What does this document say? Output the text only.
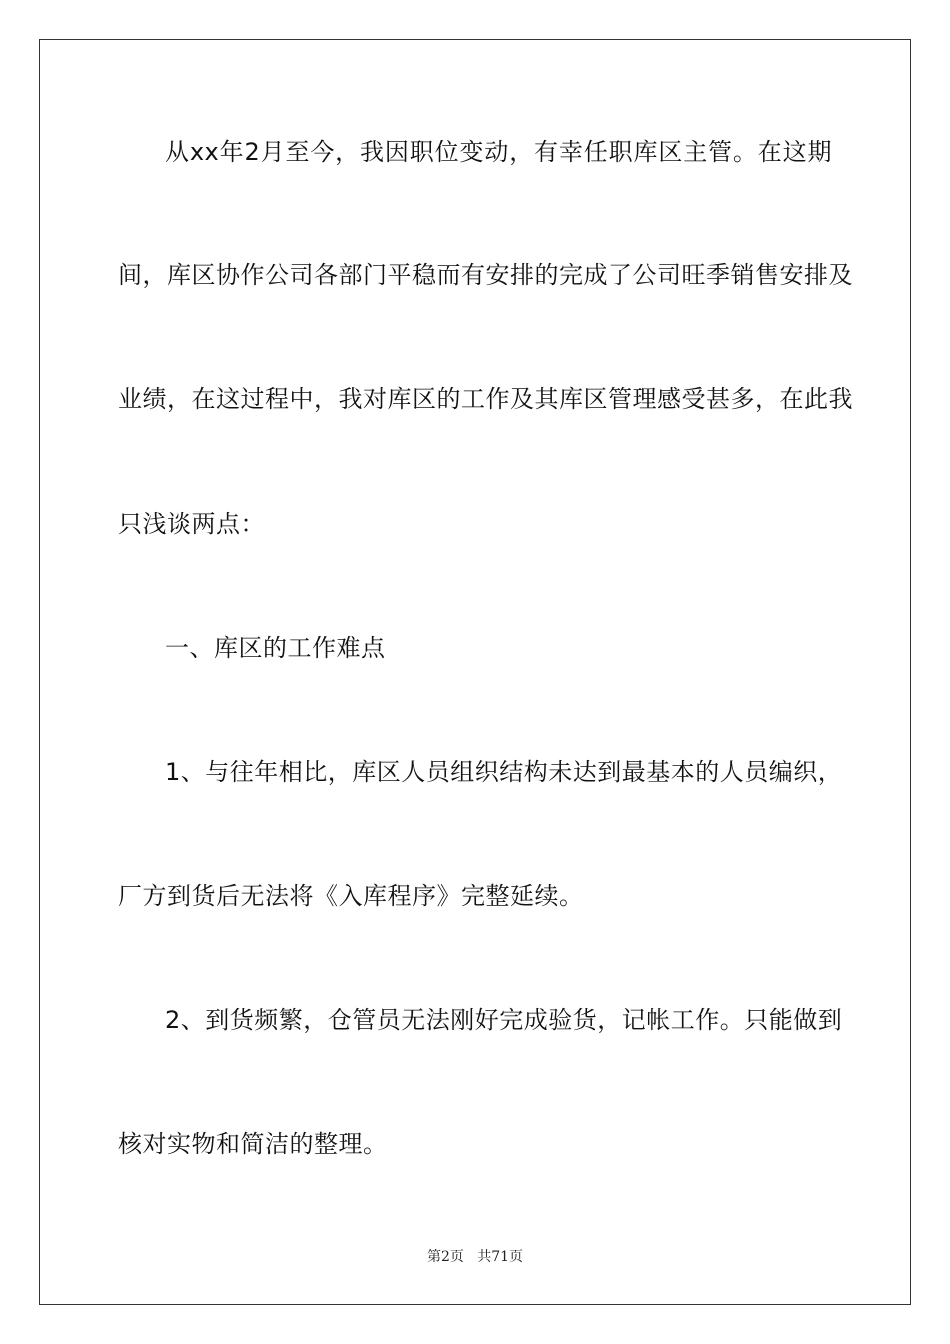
从xx年2月至今，我因职位变动，有幸任职库区主管。在这期
间，库区协作公司各部门平稳而有安排的完成了公司旺季销售安排及
业绩，在这过程中，我对库区的工作及其库区管理感受甚多，在此我
只浅谈两点：
一、库区的工作难点
1、与往年相比，库区人员组织结构未达到最基本的人员编织，
厂方到货后无法将《入库程序》完整延续。
2、到货频繁，仓管员无法刚好完成验货，记帐工作。只能做到
核对实物和简洁的整理。
第2页   共71页
